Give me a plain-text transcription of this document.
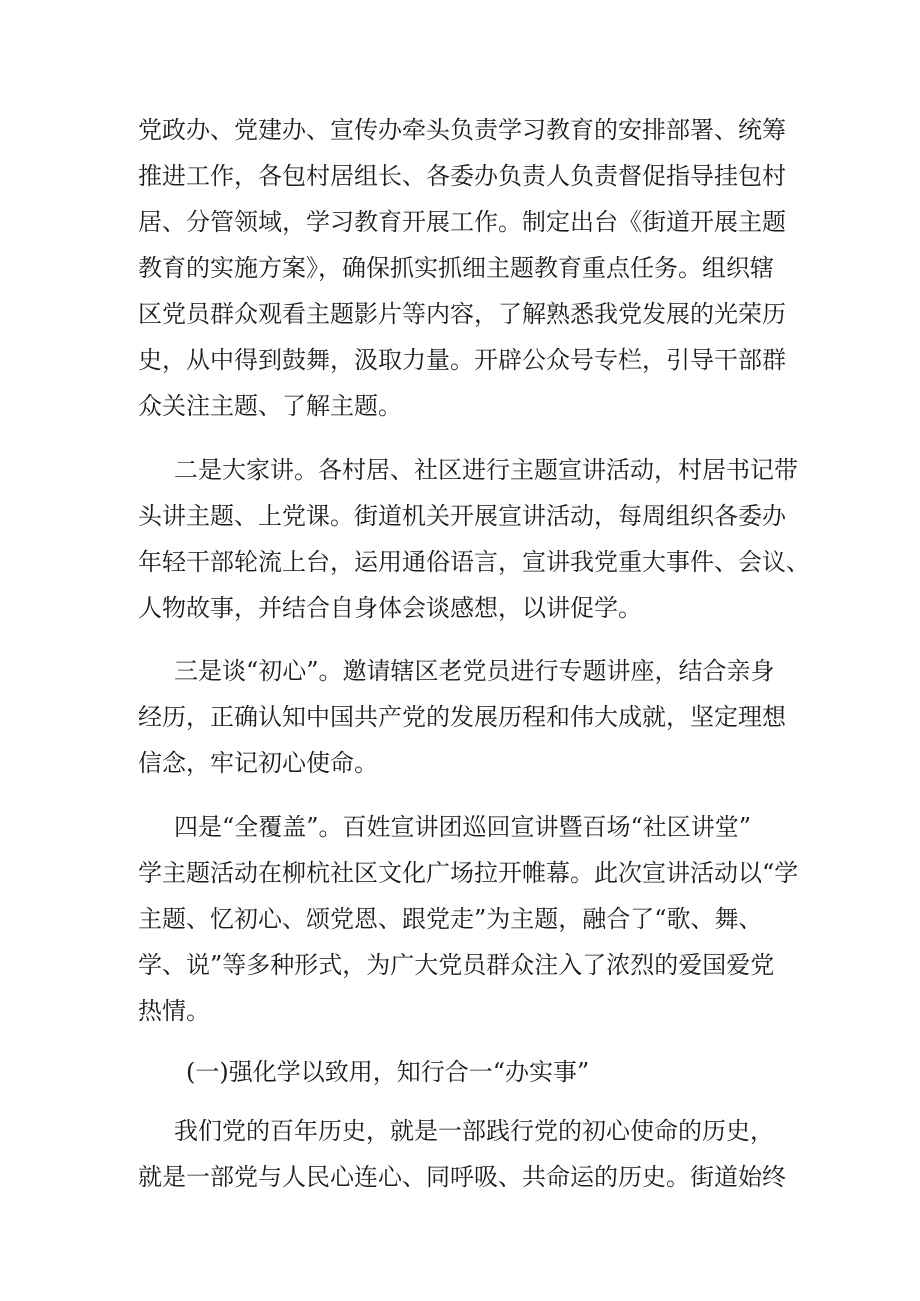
党政办、党建办、宣传办牵头负责学习教育的安排部署、统筹

推进工作，各包村居组长、各委办负责人负责督促指导挂包村

居、分管领域，学习教育开展工作。制定出台《街道开展主题

教育的实施方案》，确保抓实抓细主题教育重点任务。组织辖

区党员群众观看主题影片等内容，了解熟悉我党发展的光荣历

史，从中得到鼓舞，汲取力量。开辟公众号专栏，引导干部群

众关注主题、了解主题。

二是大家讲。各村居、社区进行主题宣讲活动，村居书记带

头讲主题、上党课。街道机关开展宣讲活动，每周组织各委办

年轻干部轮流上台，运用通俗语言，宣讲我党重大事件、会议、

人物故事，并结合自身体会谈感想，以讲促学。

三是谈“初心”。邀请辖区老党员进行专题讲座，结合亲身

经历，正确认知中国共产党的发展历程和伟大成就，坚定理想

信念，牢记初心使命。

四是“全覆盖”。百姓宣讲团巡回宣讲暨百场“社区讲堂”

学主题活动在柳杭社区文化广场拉开帷幕。此次宣讲活动以“学

主题、忆初心、颂党恩、跟党走”为主题，融合了“歌、舞、

学、说”等多种形式，为广大党员群众注入了浓烈的爱国爱党

热情。

(一)强化学以致用，知行合一“办实事”

我们党的百年历史，就是一部践行党的初心使命的历史，

就是一部党与人民心连心、同呼吸、共命运的历史。街道始终
